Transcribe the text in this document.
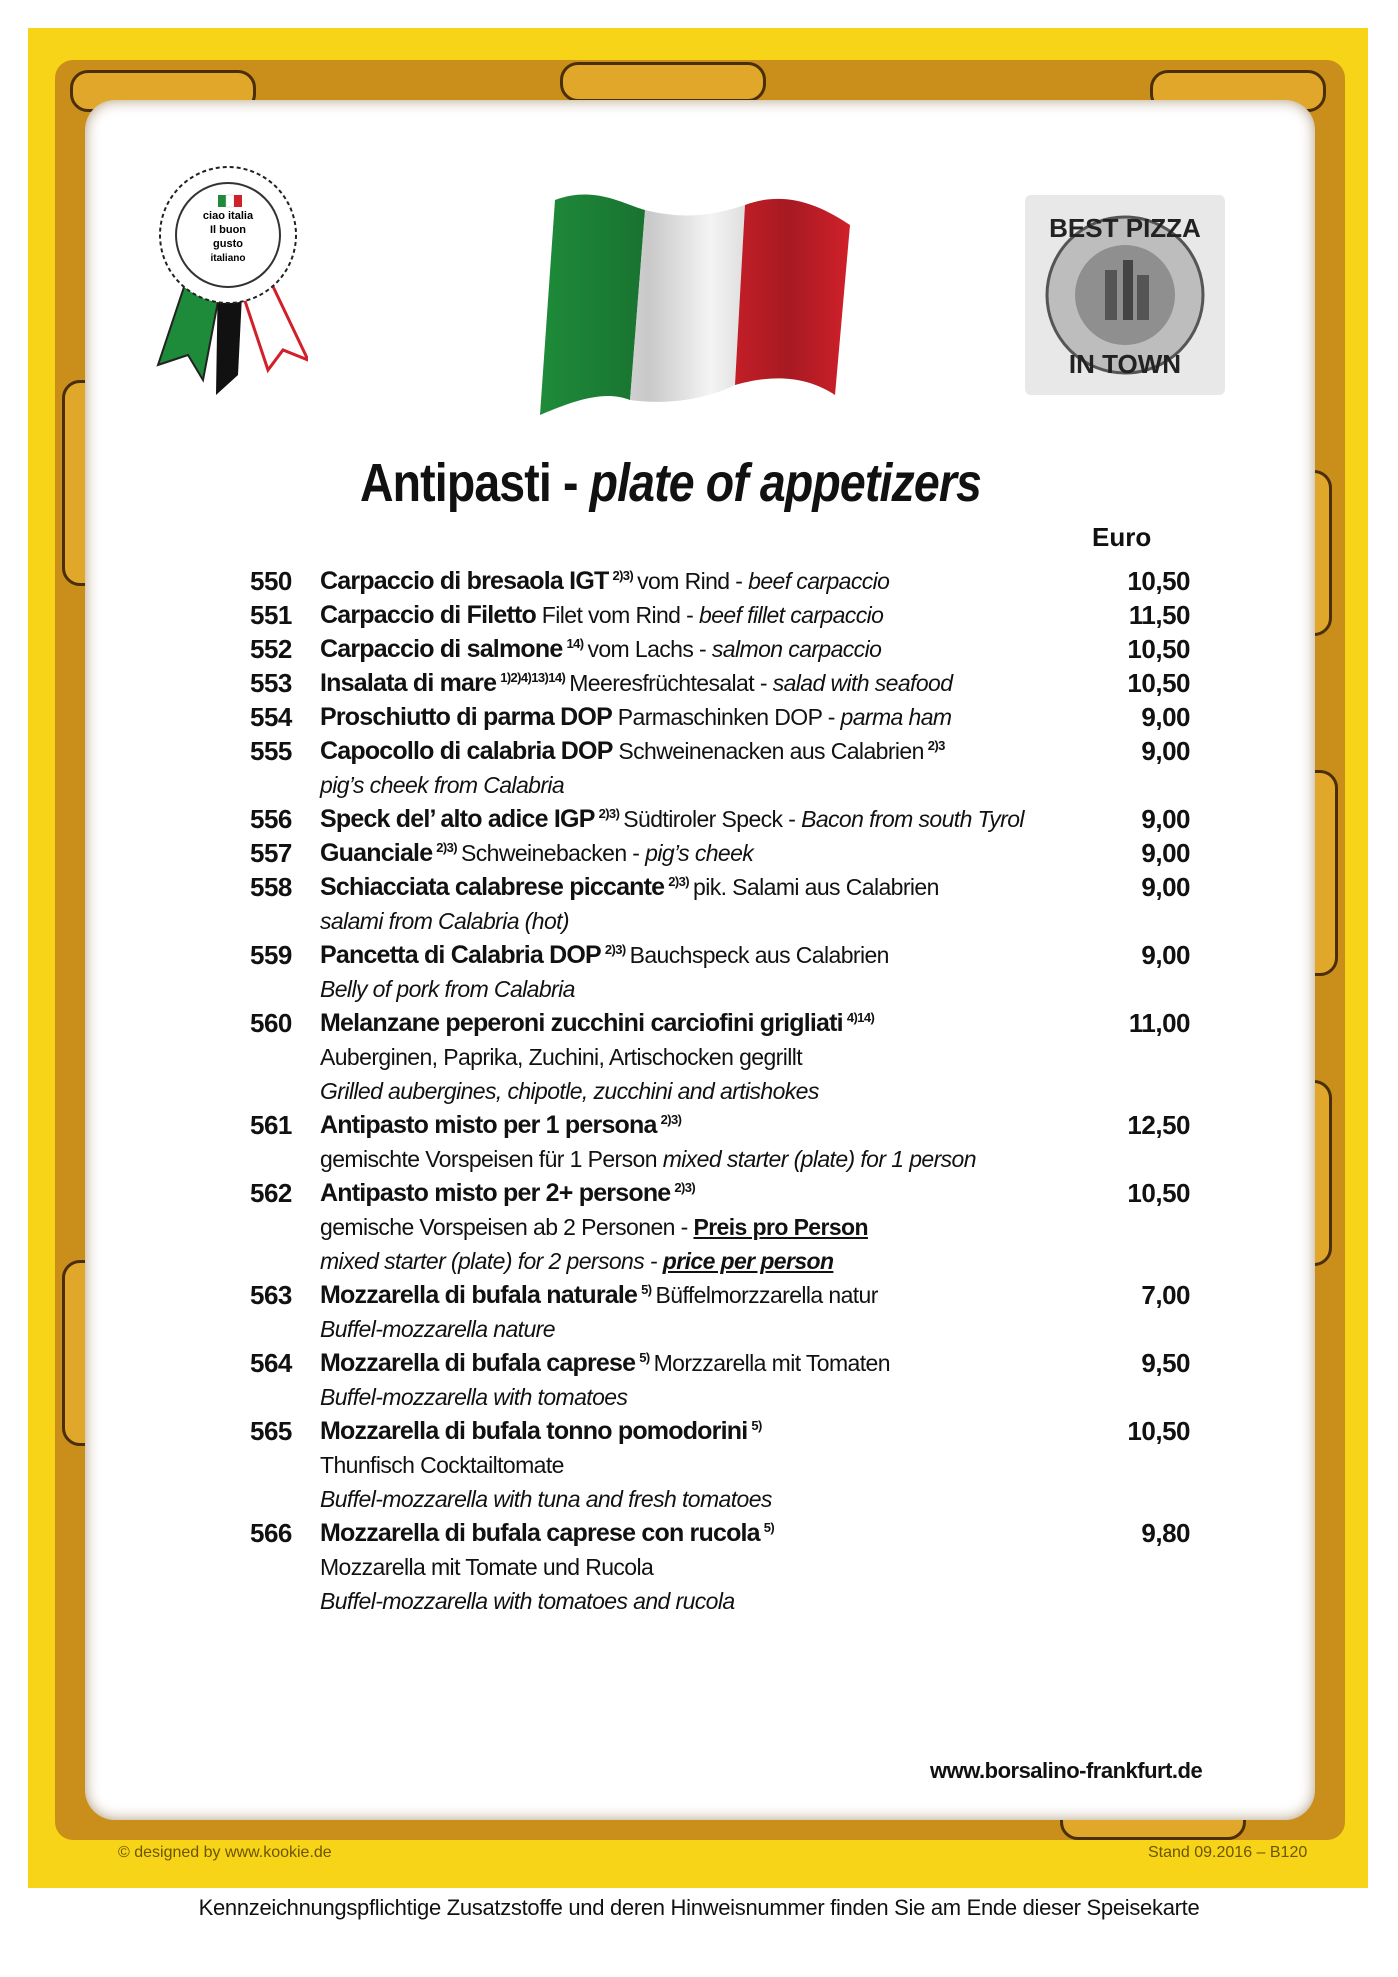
ciao italia
Il buon
gusto
italiano
BEST PIZZA
IN TOWN
Antipasti - plate of appetizers
Euro
550	Carpaccio di bresaola IGT $^{2)3)}$ vom Rind - beef carpaccio	10,50
551	Carpaccio di Filetto Filet vom Rind - beef fillet carpaccio	11,50
552	Carpaccio di salmone $^{14)}$ vom Lachs - salmon carpaccio	10,50
553	Insalata di mare $^{1)2)4)13)14)}$ Meeresfrüchtesalat - salad with seafood	10,50
554	Proschiutto di parma DOP Parmaschinken DOP - parma ham	9,00
555	Capocollo di calabria DOP Schweinenacken aus Calabrien $^{2)3}$	9,00
pig’s cheek from Calabria
556	Speck del’ alto adice IGP $^{2)3)}$ Südtiroler Speck - Bacon from south Tyrol	9,00
557	Guanciale $^{2)3)}$ Schweinebacken - pig’s cheek	9,00
558	Schiacciata calabrese piccante $^{2)3)}$ pik. Salami aus Calabrien	9,00
salami from Calabria (hot)
559	Pancetta di Calabria DOP $^{2)3)}$ Bauchspeck aus Calabrien	9,00
Belly of pork from Calabria
560	Melanzane peperoni zucchini carciofini grigliati $^{4)14)}$	11,00
Auberginen, Paprika, Zuchini, Artischocken gegrillt
Grilled aubergines, chipotle, zucchini and artishokes
561	Antipasto misto per 1 persona $^{2)3)}$	12,50
gemischte Vorspeisen für 1 Person mixed starter (plate) for 1 person
562	Antipasto misto per 2+ persone $^{2)3)}$	10,50
gemische Vorspeisen ab 2 Personen - Preis pro Person
mixed starter (plate) for 2 persons - price per person
563	Mozzarella di bufala naturale $^{5)}$ Büffelmorzzarella natur	7,00
Buffel-mozzarella nature
564	Mozzarella di bufala caprese $^{5)}$ Morzzarella mit Tomaten	9,50
Buffel-mozzarella with tomatoes
565	Mozzarella di bufala tonno pomodorini $^{5)}$	10,50
Thunfisch Cocktailtomate
Buffel-mozzarella with tuna and fresh tomatoes
566	Mozzarella di bufala caprese con rucola $^{5)}$	9,80
Mozzarella mit Tomate und Rucola
Buffel-mozzarella with tomatoes and rucola
www.borsalino-frankfurt.de
© designed by www.kookie.de	Stand 09.2016 – B120
Kennzeichnungspflichtige Zusatzstoffe und deren Hinweisnummer finden Sie am Ende dieser Speisekarte
